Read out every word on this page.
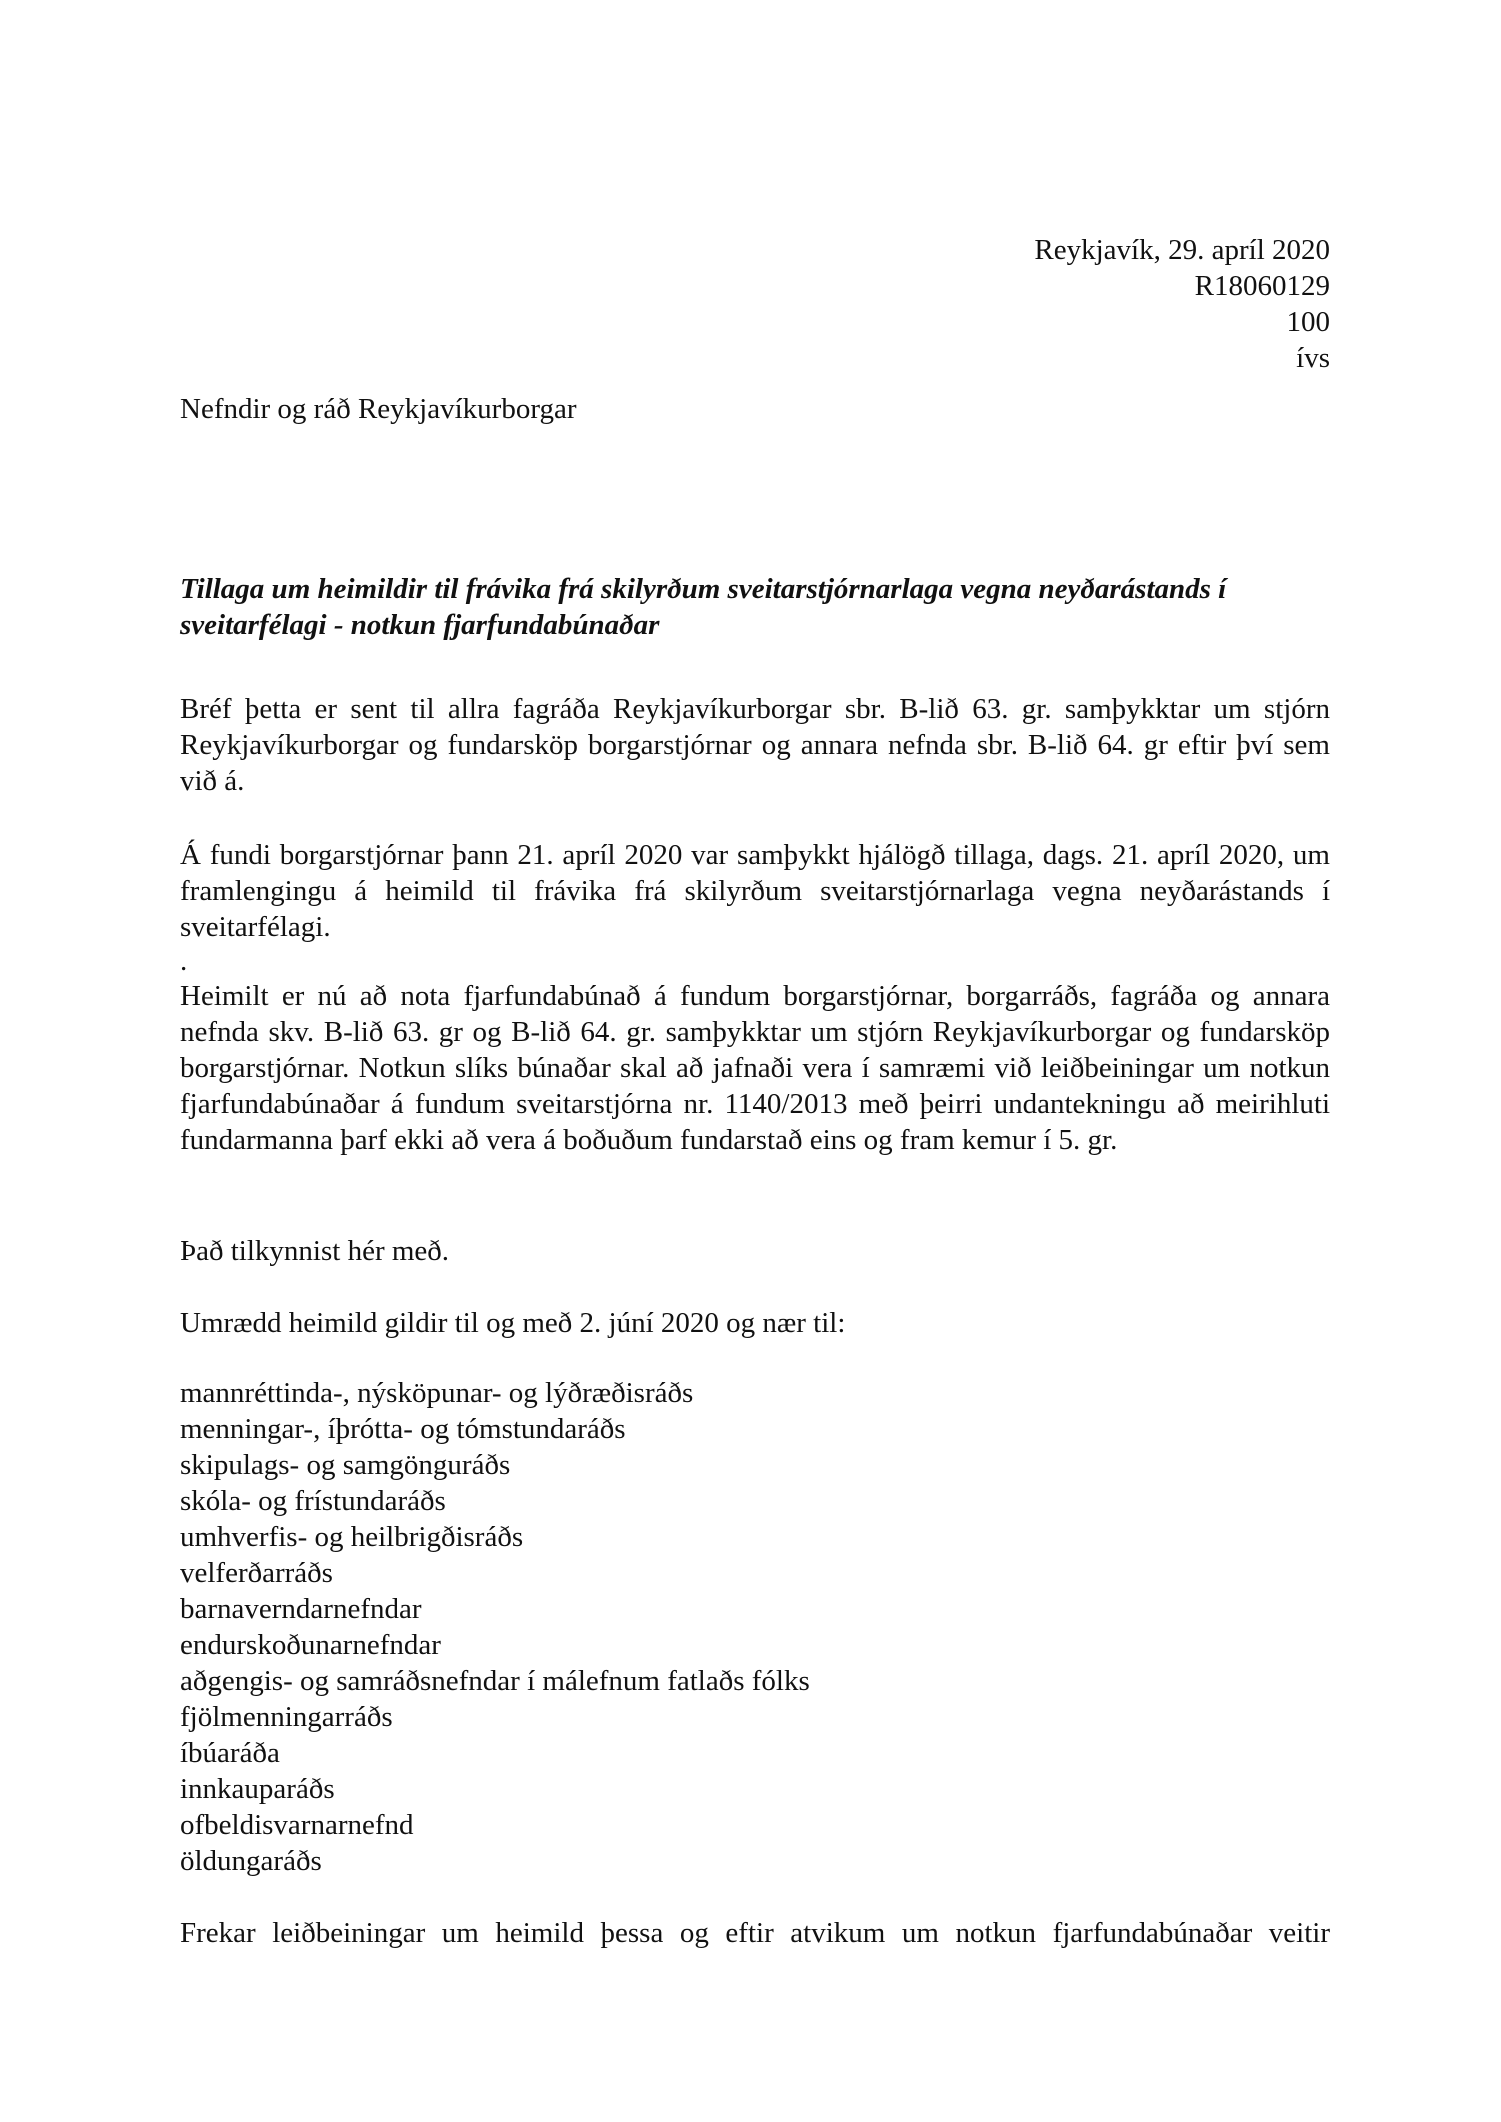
Reykjavík, 29. apríl 2020
R18060129
100
ívs

Nefndir og ráð Reykjavíkurborgar

Tillaga um heimildir til frávika frá skilyrðum sveitarstjórnarlaga vegna neyðarástands í sveitarfélagi - notkun fjarfundabúnaðar

Bréf þetta er sent til allra fagráða Reykjavíkurborgar sbr. B-lið 63. gr. samþykktar um stjórn Reykjavíkurborgar og fundarsköp borgarstjórnar og annara nefnda sbr. B-lið 64. gr eftir því sem við á.

Á fundi borgarstjórnar þann 21. apríl 2020 var samþykkt hjálögð tillaga, dags. 21. apríl 2020, um framlengingu á heimild til frávika frá skilyrðum sveitarstjórnarlaga vegna neyðarástands í sveitarfélagi.

.

Heimilt er nú að nota fjarfundabúnað á fundum borgarstjórnar, borgarráðs, fagráða og annara nefnda skv. B-lið 63. gr og B-lið 64. gr. samþykktar um stjórn Reykjavíkurborgar og fundarsköp borgarstjórnar. Notkun slíks búnaðar skal að jafnaði vera í samræmi við leiðbeiningar um notkun fjarfundabúnaðar á fundum sveitarstjórna nr. 1140/2013 með þeirri undantekningu að meirihluti fundarmanna þarf ekki að vera á boðuðum fundarstað eins og fram kemur í 5. gr.

Það tilkynnist hér með.

Umrædd heimild gildir til og með 2. júní 2020 og nær til:

mannréttinda-, nýsköpunar- og lýðræðisráðs
menningar-, íþrótta- og tómstundaráðs
skipulags- og samgönguráðs
skóla- og frístundaráðs
umhverfis- og heilbrigðisráðs
velferðarráðs
barnaverndarnefndar
endurskoðunarnefndar
aðgengis- og samráðsnefndar í málefnum fatlaðs fólks
fjölmenningarráðs
íbúaráða
innkauparáðs
ofbeldisvarnarnefnd
öldungaráðs

Frekar leiðbeiningar um heimild þessa og eftir atvikum um notkun fjarfundabúnaðar veitir
